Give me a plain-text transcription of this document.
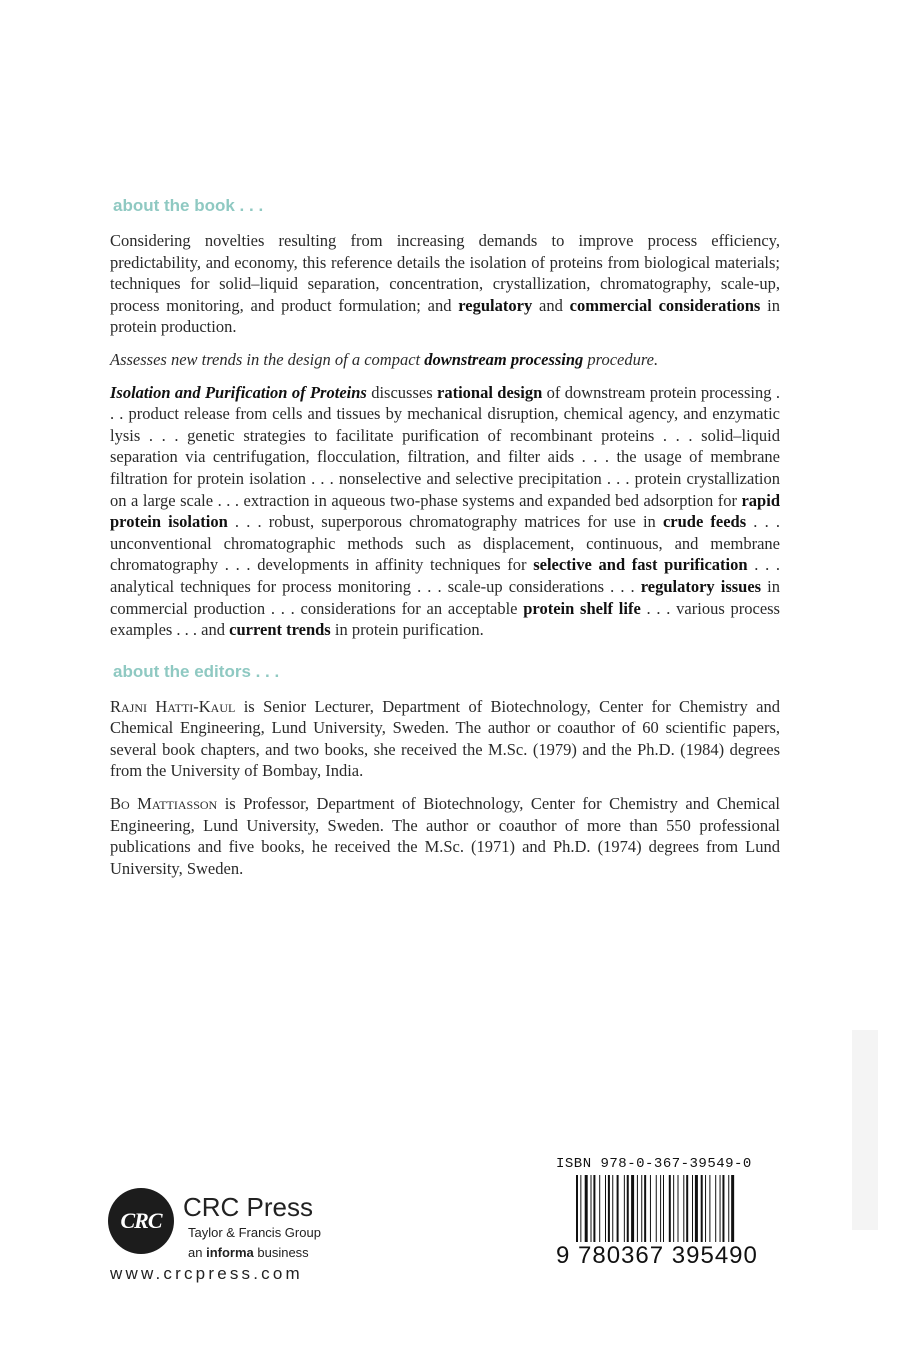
about the book . . .

Considering novelties resulting from increasing demands to improve process efficiency, predictability, and economy, this reference details the isolation of proteins from biological materials; techniques for solid–liquid separation, concentration, crystallization, chromatography, scale-up, process monitoring, and product formulation; and regulatory and commercial considerations in protein production.

Assesses new trends in the design of a compact downstream processing procedure.

Isolation and Purification of Proteins discusses rational design of downstream protein processing . . . product release from cells and tissues by mechanical disruption, chemical agency, and enzymatic lysis . . . genetic strategies to facilitate purification of recombinant proteins . . . solid–liquid separation via centrifugation, flocculation, filtration, and filter aids . . . the usage of membrane filtration for protein isolation . . . nonselective and selective precipitation . . . protein crystallization on a large scale . . . extraction in aqueous two-phase systems and expanded bed adsorption for rapid protein isolation . . . robust, superporous chromatography matrices for use in crude feeds . . . unconventional chromatographic methods such as displacement, continuous, and membrane chromatography . . . developments in affinity techniques for selective and fast purification . . . analytical techniques for process monitoring . . . scale-up considerations . . . regulatory issues in commercial production . . . considerations for an acceptable protein shelf life . . . various process examples . . . and current trends in protein purification.

about the editors . . .

Rajni Hatti-Kaul is Senior Lecturer, Department of Biotechnology, Center for Chemistry and Chemical Engineering, Lund University, Sweden. The author or coauthor of 60 scientific papers, several book chapters, and two books, she received the M.Sc. (1979) and the Ph.D. (1984) degrees from the University of Bombay, India.

Bo Mattiasson is Professor, Department of Biotechnology, Center for Chemistry and Chemical Engineering, Lund University, Sweden. The author or coauthor of more than 550 professional publications and five books, he received the M.Sc. (1971) and Ph.D. (1974) degrees from Lund University, Sweden.

CRC CRC Press
Taylor & Francis Group
an informa business
www.crcpress.com
ISBN 978-0-367-39549-0
9 780367 395490
